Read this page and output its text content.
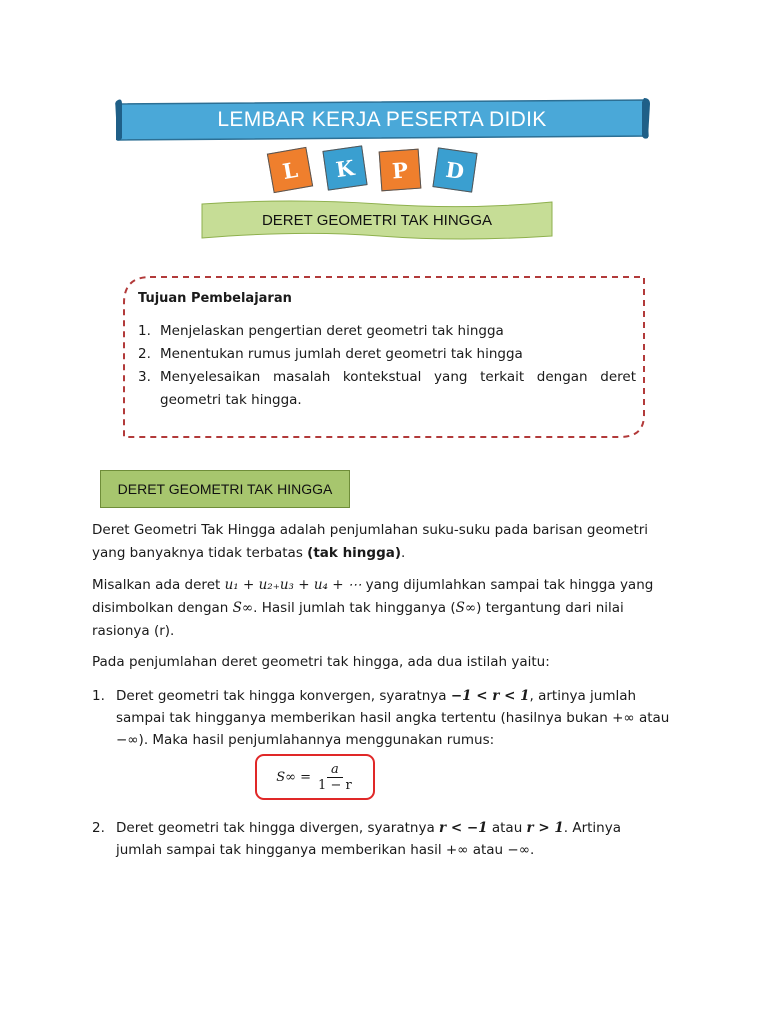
LEMBAR KERJA PESERTA DIDIK
L K P D
DERET GEOMETRI TAK HINGGA

Tujuan Pembelajaran

1. Menjelaskan pengertian deret geometri tak hingga
2. Menentukan rumus jumlah deret geometri tak hingga
3. Menyelesaikan masalah kontekstual yang terkait dengan deret geometri tak hingga.
DERET GEOMETRI TAK HINGGA

Deret Geometri Tak Hingga adalah penjumlahan suku-suku pada barisan geometri yang banyaknya tidak terbatas (tak hingga).

Misalkan ada deret u₁ + u₂₊u₃ + u₄ + ⋯ yang dijumlahkan sampai tak hingga yang disimbolkan dengan S∞. Hasil jumlah tak hingganya (S∞) tergantung dari nilai rasionya (r).

Pada penjumlahan deret geometri tak hingga, ada dua istilah yaitu:

1. Deret geometri tak hingga konvergen, syaratnya −1 < r < 1, artinya jumlah sampai tak hingganya memberikan hasil angka tertentu (hasilnya bukan +∞ atau −∞). Maka hasil penjumlahannya menggunakan rumus:
$S\infty = \frac{a}{1 - r}$
2. Deret geometri tak hingga divergen, syaratnya r < −1 atau r > 1. Artinya jumlah sampai tak hingganya memberikan hasil +∞ atau −∞.
